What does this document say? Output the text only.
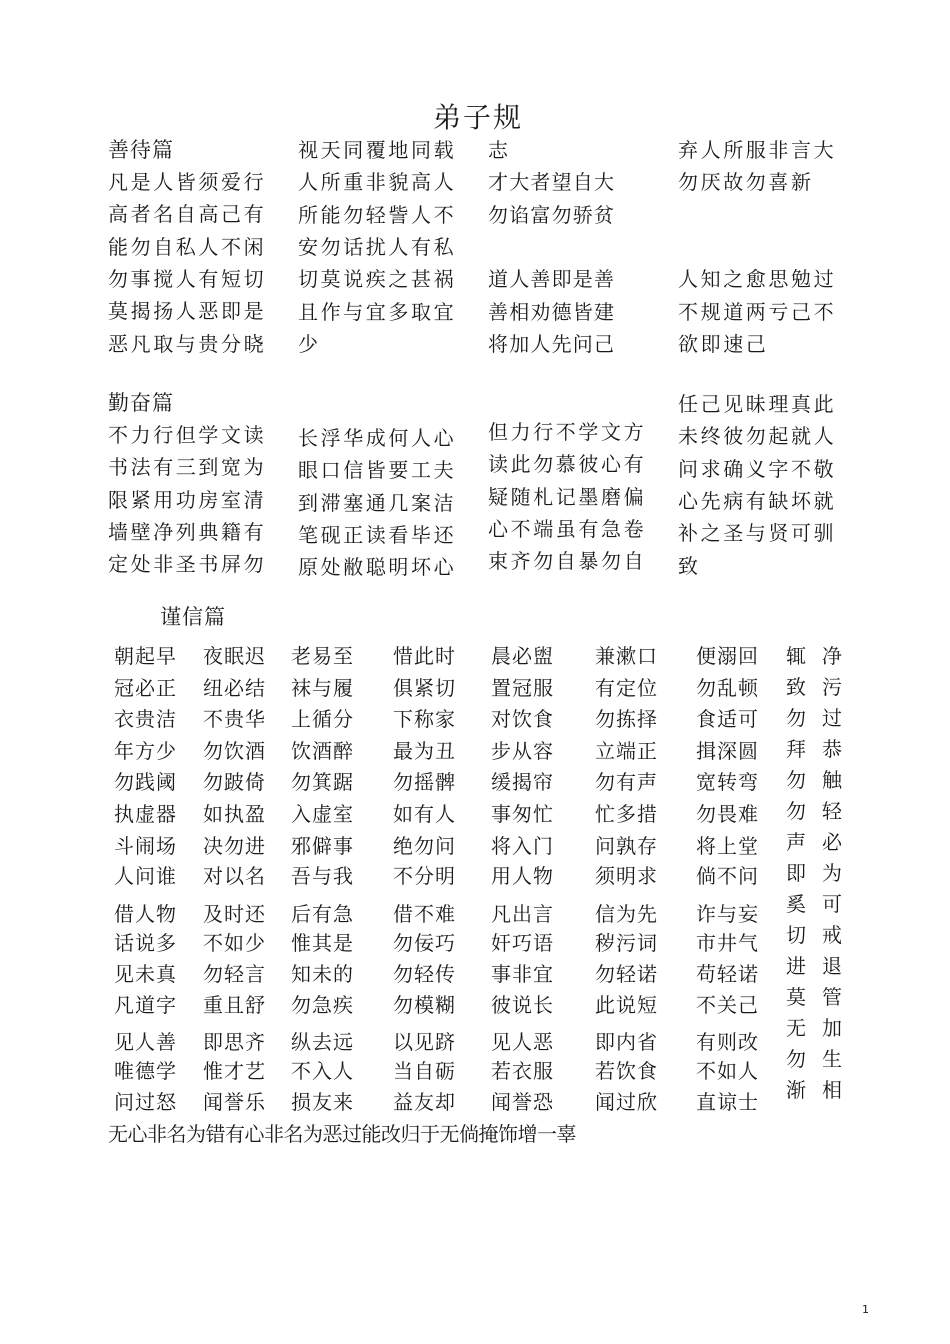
弟子规
善待篇
凡是人皆须爱行
高者名自高己有
能勿自私人不闲
勿事搅人有短切
莫揭扬人恶即是
恶凡取与贵分晓
视天同覆地同载
人所重非貌高人
所能勿轻訾人不
安勿话扰人有私
切莫说疾之甚祸
且作与宜多取宜
少
志
才大者望自大
勿谄富勿骄贫
道人善即是善
善相劝德皆建
将加人先问己
弃人所服非言大
勿厌故勿喜新
人知之愈思勉过
不规道两亏己不
欲即速己
勤奋篇
不力行但学文读
书法有三到宽为
限紧用功房室清
墙壁净列典籍有
定处非圣书屏勿
长浮华成何人心
眼口信皆要工夫
到滞塞通几案洁
笔砚正读看毕还
原处敝聪明坏心
但力行不学文方
读此勿慕彼心有
疑随札记墨磨偏
心不端虽有急卷
束齐勿自暴勿自
任己见昧理真此
未终彼勿起就人
问求确义字不敬
心先病有缺坏就
补之圣与贤可驯
致
谨信篇
朝起早 夜眠迟 老易至 惜此时 晨必盥 兼漱口 便溺回
冠必正 纽必结 袜与履 俱紧切 置冠服 有定位 勿乱顿
衣贵洁 不贵华 上循分 下称家 对饮食 勿拣择 食适可
年方少 勿饮酒 饮酒醉 最为丑 步从容 立端正 揖深圆
勿践阈 勿跛倚 勿箕踞 勿摇髀 缓揭帘 勿有声 宽转弯
执虚器 如执盈 入虚室 如有人 事匆忙 忙多措 勿畏难
斗闹场 决勿进 邪僻事 绝勿问 将入门 问孰存 将上堂
人问谁 对以名 吾与我 不分明 用人物 须明求 倘不问
借人物 及时还 后有急 借不难 凡出言 信为先 诈与妄
话说多 不如少 惟其是 勿佞巧 奸巧语 秽污词 市井气
见未真 勿轻言 知未的 勿轻传 事非宜 勿轻诺 苟轻诺
凡道字 重且舒 勿急疾 勿模糊 彼说长 此说短 不关己
见人善 即思齐 纵去远 以见跻 见人恶 即内省 有则改
唯德学 惟才艺 不入人 当自砺 若衣服 若饮食 不如人
问过怒 闻誉乐 损友来 益友却 闻誉恐 闻过欣 直谅士
辄
致
勿
拜
勿
勿
声
即
奚
切
进
莫
无
勿
渐
净
污
过
恭
触
轻
必
为
可
戒
退
管
加
生
相
无心非名为错有心非名为恶过能改归于无倘掩饰增一辜
1
